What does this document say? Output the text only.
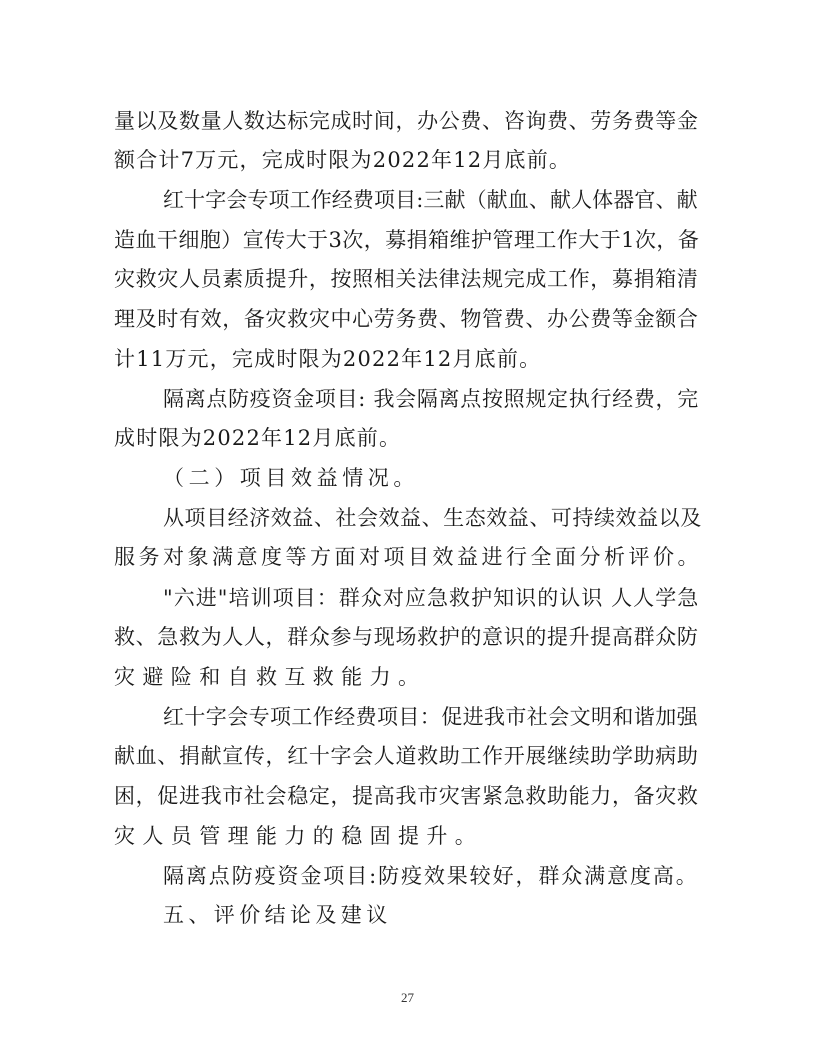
量以及数量人数达标完成时间，办公费、咨询费、劳务费等金
额合计7万元，完成时限为2022年12月底前。
红十字会专项工作经费项目:三献（献血、献人体器官、献
造血干细胞）宣传大于3次，募捐箱维护管理工作大于1次，备
灾救灾人员素质提升，按照相关法律法规完成工作，募捐箱清
理及时有效，备灾救灾中心劳务费、物管费、办公费等金额合
计11万元，完成时限为2022年12月底前。
隔离点防疫资金项目: 我会隔离点按照规定执行经费，完
成时限为2022年12月底前。
（二）项目效益情况。
从项目经济效益、社会效益、生态效益、可持续效益以及
服务对象满意度等方面对项目效益进行全面分析评价。
"六进"培训项目：群众对应急救护知识的认识 人人学急
救、急救为人人，群众参与现场救护的意识的提升提高群众防
灾避险和自救互救能力。
红十字会专项工作经费项目：促进我市社会文明和谐加强
献血、捐献宣传，红十字会人道救助工作开展继续助学助病助
困，促进我市社会稳定，提高我市灾害紧急救助能力，备灾救
灾人员管理能力的稳固提升。
隔离点防疫资金项目:防疫效果较好，群众满意度高。
五、评价结论及建议
27
